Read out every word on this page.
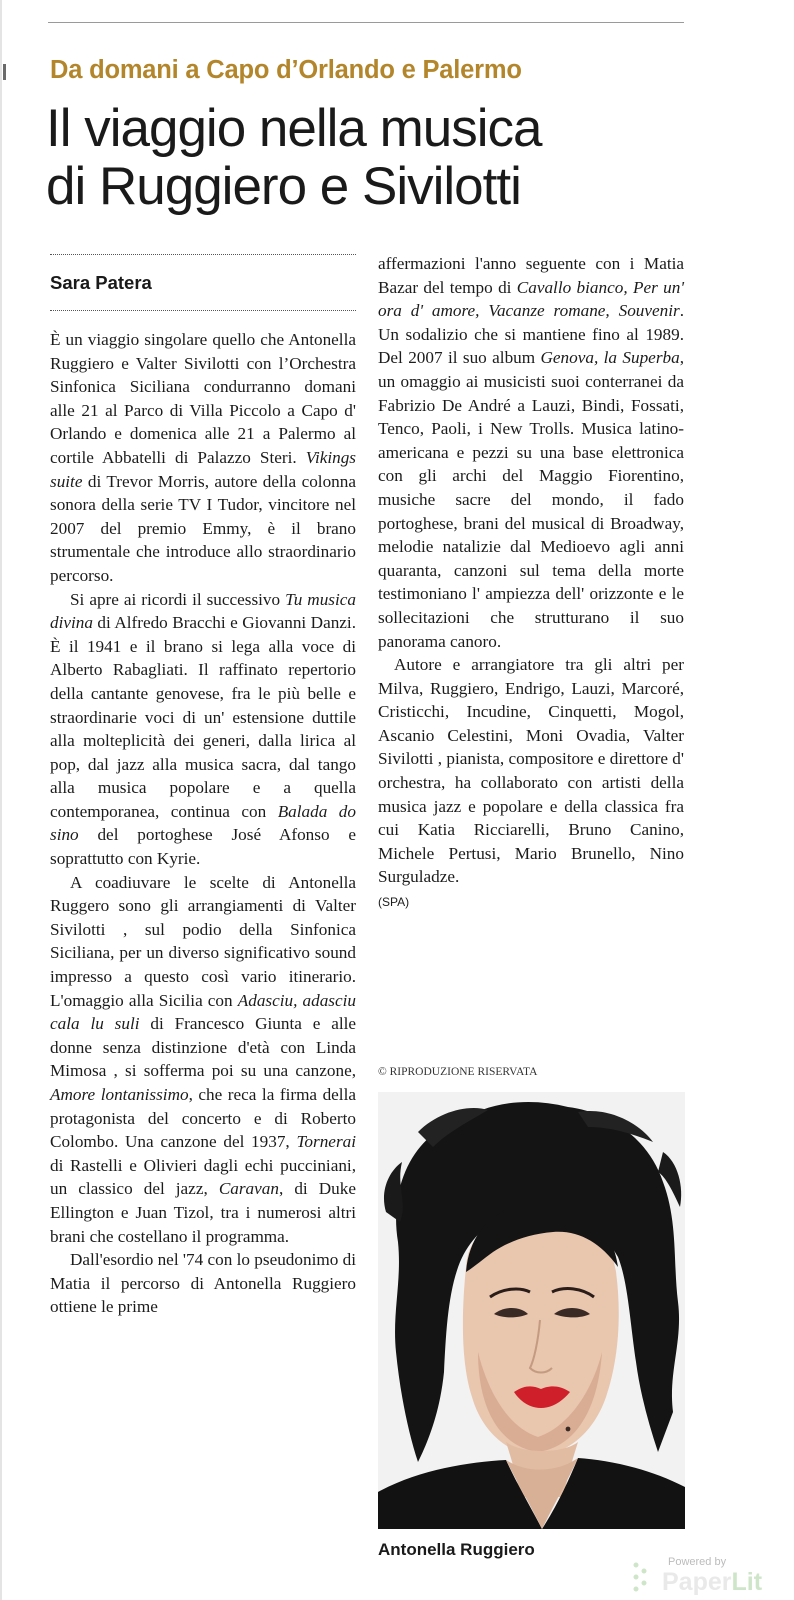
Da domani a Capo d’Orlando e Palermo
Il viaggio nella musica
di Ruggiero e Sivilotti
Sara Patera

È un viaggio singolare quello che Antonella Ruggiero e Valter Sivilotti con l’Orchestra Sinfonica Siciliana condurranno domani alle 21 al Parco di Villa Piccolo a Capo d' Orlando e domenica alle 21 a Palermo al cortile Abbatelli di Palazzo Steri. Vikings suite di Trevor Morris, autore della colonna sonora della serie TV I Tudor, vincitore nel 2007 del premio Emmy, è il brano strumentale che introduce allo straordinario percorso.

Si apre ai ricordi il successivo Tu musica divina di Alfredo Bracchi e Giovanni Danzi. È il 1941 e il brano si lega alla voce di Alberto Rabagliati. Il raffinato repertorio della cantante genovese, fra le più belle e straordinarie voci di un' estensione duttile alla molteplicità dei generi, dalla lirica al pop, dal jazz alla musica sacra, dal tango alla musica popolare e a quella contemporanea, continua con Balada do sino del portoghese José Afonso e soprattutto con Kyrie.

A coadiuvare le scelte di Antonella Ruggero sono gli arrangiamenti di Valter Sivilotti , sul podio della Sinfonica Siciliana, per un diverso significativo sound impresso a questo così vario itinerario. L'omaggio alla Sicilia con Adasciu, adasciu cala lu suli di Francesco Giunta e alle donne senza distinzione d'età con Linda Mimosa , si sofferma poi su una canzone, Amore lontanissimo, che reca la firma della protagonista del concerto e di Roberto Colombo. Una canzone del 1937, Tornerai di Rastelli e Olivieri dagli echi pucciniani, un classico del jazz, Caravan, di Duke Ellington e Juan Tizol, tra i numerosi altri brani che costellano il programma.

Dall'esordio nel '74 con lo pseudonimo di Matia il percorso di Antonella Ruggiero ottiene le prime

affermazioni l'anno seguente con i Matia Bazar del tempo di Cavallo bianco, Per un' ora d' amore, Vacanze romane, Souvenir. Un sodalizio che si mantiene fino al 1989. Del 2007 il suo album Genova, la Superba, un omaggio ai musicisti suoi conterranei da Fabrizio De André a Lauzi, Bindi, Fossati, Tenco, Paoli, i New Trolls. Musica latino- americana e pezzi su una base elettronica con gli archi del Maggio Fiorentino, musiche sacre del mondo, il fado portoghese, brani del musical di Broadway, melodie natalizie dal Medioevo agli anni quaranta, canzoni sul tema della morte testimoniano l' ampiezza dell' orizzonte e le sollecitazioni che strutturano il suo panorama canoro.

Autore e arrangiatore tra gli altri per Milva, Ruggiero, Endrigo, Lauzi, Marcoré, Cristicchi, Incudine, Cinquetti, Mogol, Ascanio Celestini, Moni Ovadia, Valter Sivilotti , pianista, compositore e direttore d' orchestra, ha collaborato con artisti della musica jazz e popolare e della classica fra cui Katia Ricciarelli, Bruno Canino, Michele Pertusi, Mario Brunello, Nino Surguladze.

(SPA)

© RIPRODUZIONE RISERVATA
Antonella Ruggiero
Powered by
PaperLit
